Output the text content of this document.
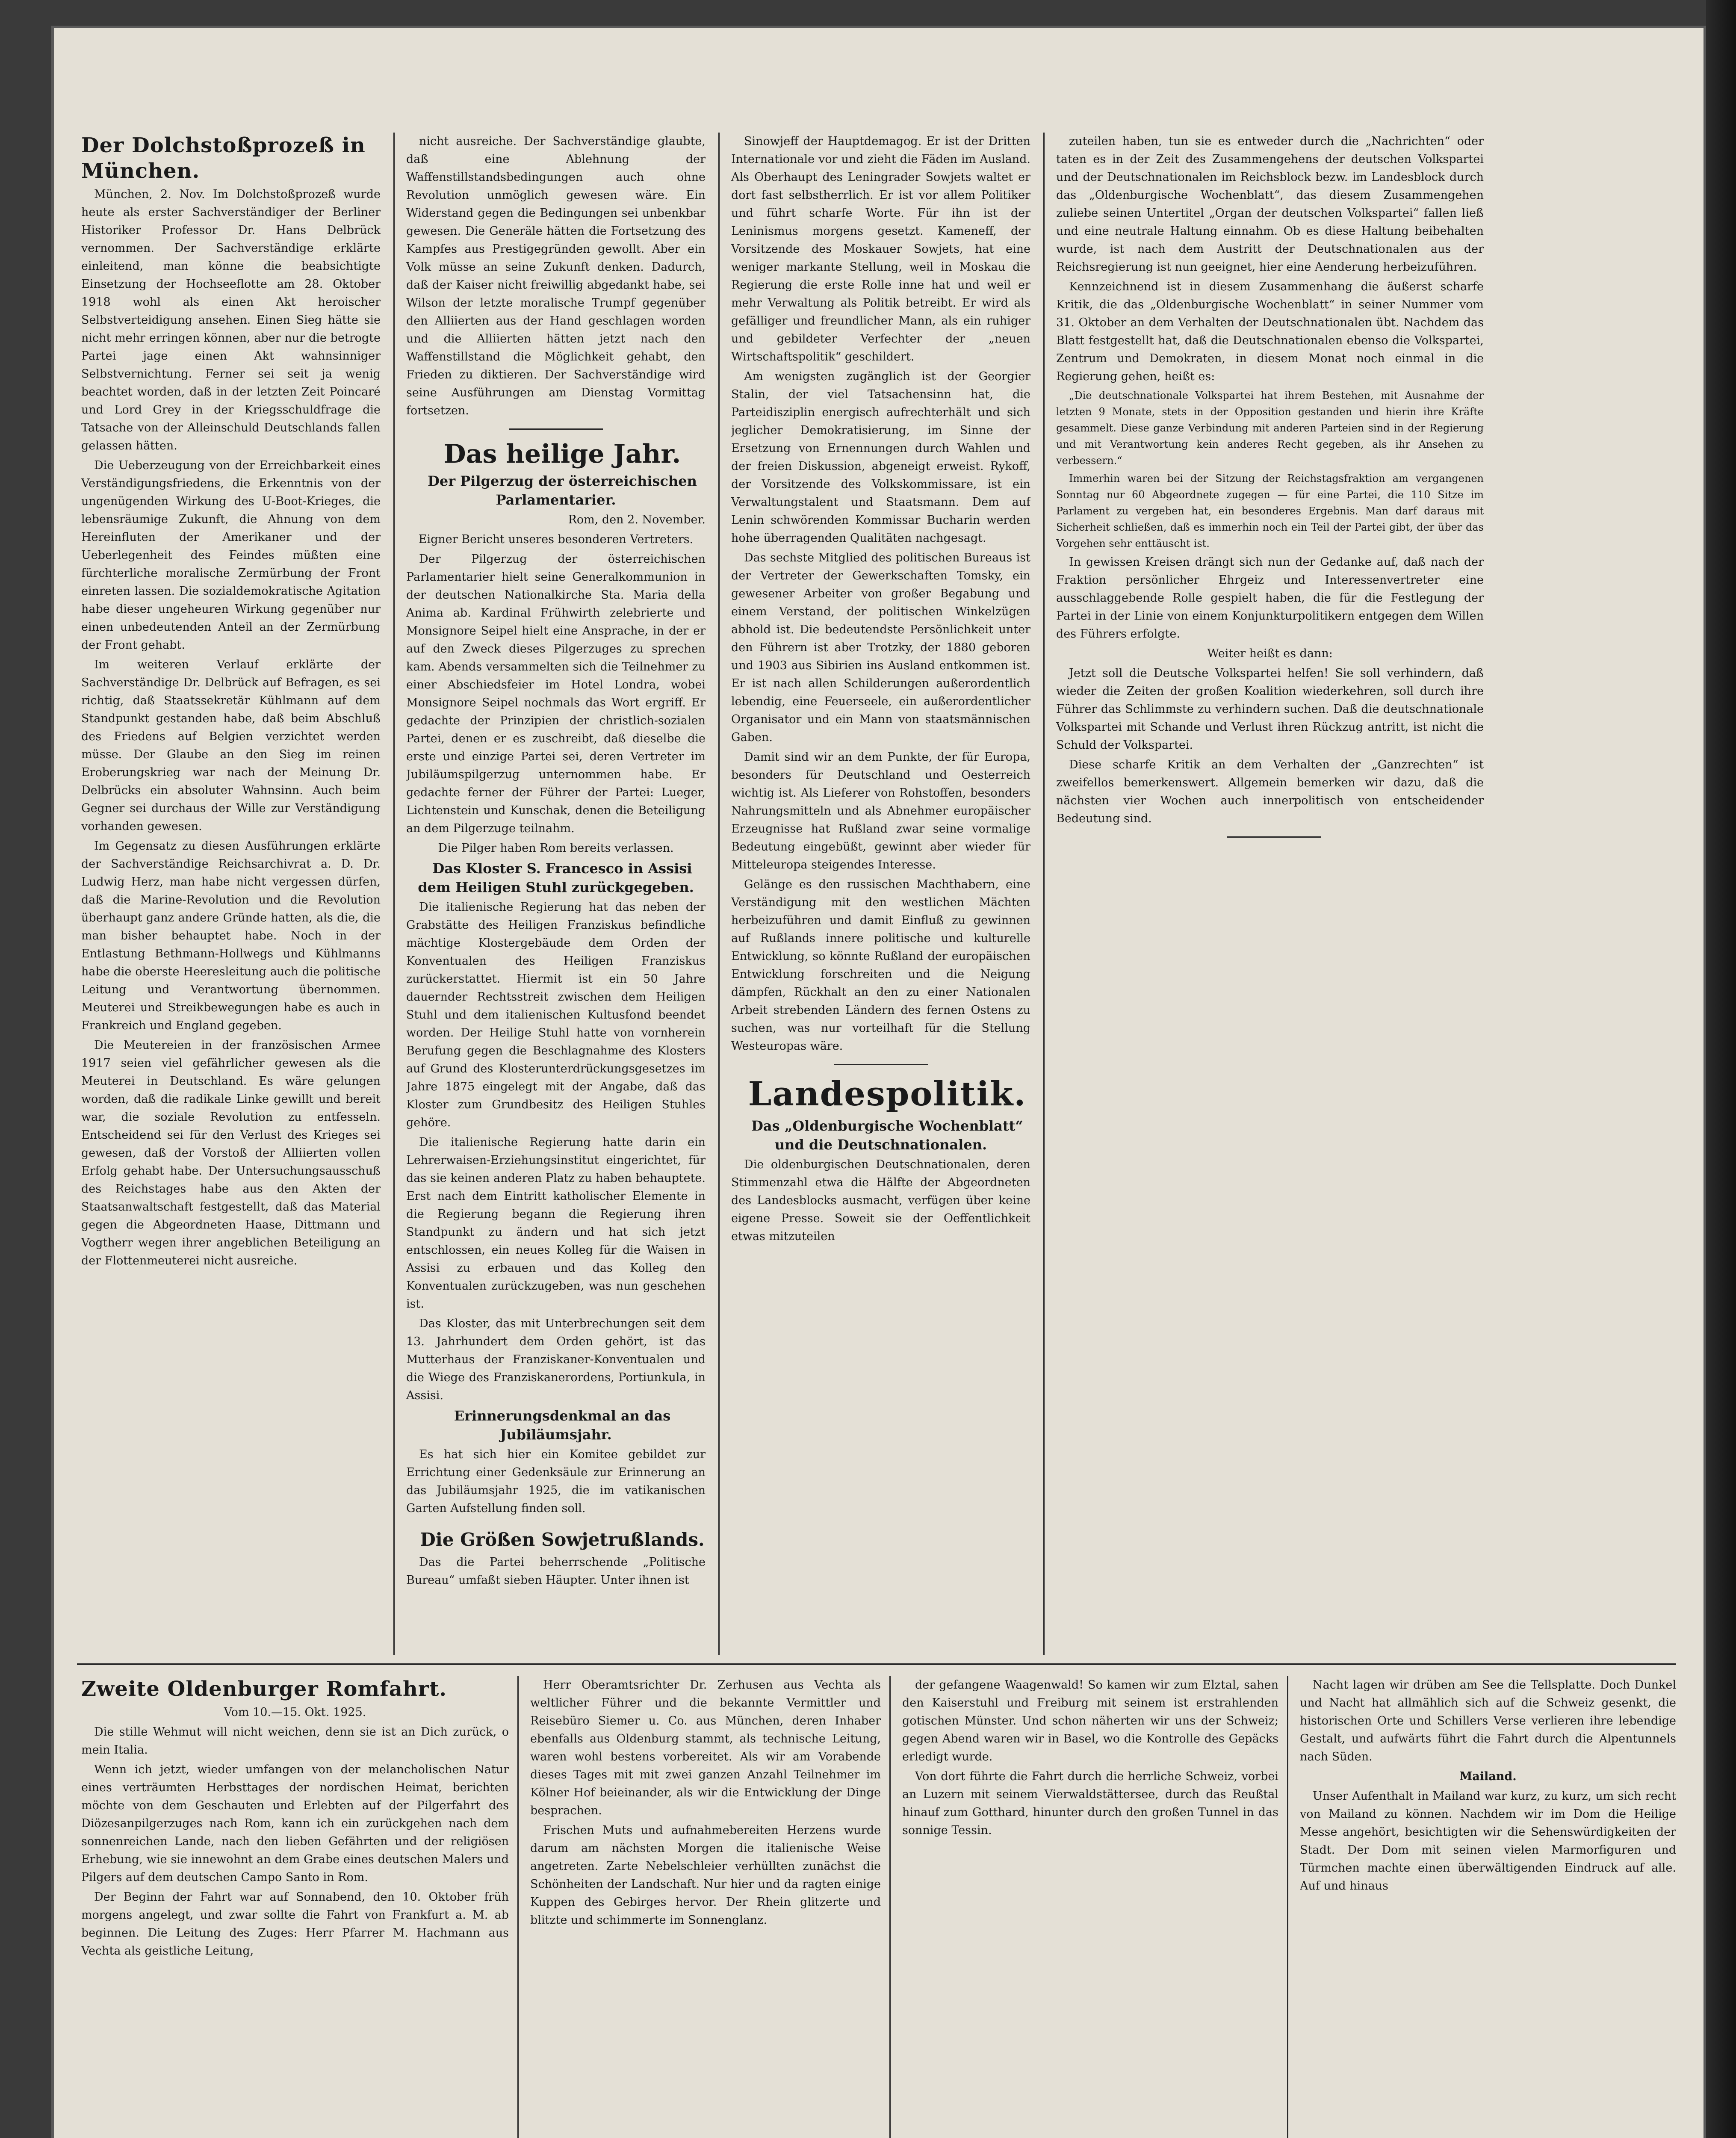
Der Dolchstoßprozeß in München.

München, 2. Nov. Im Dolchstoßprozeß wurde heute als erster Sachverständiger der Berliner Historiker Professor Dr. Hans Delbrück vernommen. Der Sachverständige erklärte einleitend, man könne die beabsichtigte Einsetzung der Hochseeflotte am 28. Oktober 1918 wohl als einen Akt heroischer Selbstverteidigung ansehen. Einen Sieg hätte sie nicht mehr erringen können, aber nur die betrogte Partei jage einen Akt wahnsinniger Selbstvernichtung. Ferner sei seit ja wenig beachtet worden, daß in der letzten Zeit Poincaré und Lord Grey in der Kriegsschuldfrage die Tatsache von der Alleinschuld Deutschlands fallen gelassen hätten.

Die Ueberzeugung von der Erreichbarkeit eines Verständigungsfriedens, die Erkenntnis von der ungenügenden Wirkung des U-Boot-Krieges, die lebensräumige Zukunft, die Ahnung von dem Hereinfluten der Amerikaner und der Ueberlegenheit des Feindes müßten eine fürchterliche moralische Zermürbung der Front einreten lassen. Die sozialdemokratische Agitation habe dieser ungeheuren Wirkung gegenüber nur einen unbedeutenden Anteil an der Zermürbung der Front gehabt.

Im weiteren Verlauf erklärte der Sachverständige Dr. Delbrück auf Befragen, es sei richtig, daß Staatssekretär Kühlmann auf dem Standpunkt gestanden habe, daß beim Abschluß des Friedens auf Belgien verzichtet werden müsse. Der Glaube an den Sieg im reinen Eroberungskrieg war nach der Meinung Dr. Delbrücks ein absoluter Wahnsinn. Auch beim Gegner sei durchaus der Wille zur Verständigung vorhanden gewesen.

Im Gegensatz zu diesen Ausführungen erklärte der Sachverständige Reichsarchivrat a. D. Dr. Ludwig Herz, man habe nicht vergessen dürfen, daß die Marine-Revolution und die Revolution überhaupt ganz andere Gründe hatten, als die, die man bisher behauptet habe. Noch in der Entlastung Bethmann-Hollwegs und Kühlmanns habe die oberste Heeresleitung auch die politische Leitung und Verantwortung übernommen. Meuterei und Streikbewegungen habe es auch in Frankreich und England gegeben.

Die Meutereien in der französischen Armee 1917 seien viel gefährlicher gewesen als die Meuterei in Deutschland. Es wäre gelungen worden, daß die radikale Linke gewillt und bereit war, die soziale Revolution zu entfesseln. Entscheidend sei für den Verlust des Krieges sei gewesen, daß der Vorstoß der Alliierten vollen Erfolg gehabt habe. Der Untersuchungsausschuß des Reichstages habe aus den Akten der Staatsanwaltschaft festgestellt, daß das Material gegen die Abgeordneten Haase, Dittmann und Vogtherr wegen ihrer angeblichen Beteiligung an der Flottenmeuterei nicht ausreiche.

nicht ausreiche. Der Sachverständige glaubte, daß eine Ablehnung der Waffenstillstandsbedingungen auch ohne Revolution unmöglich gewesen wäre. Ein Widerstand gegen die Bedingungen sei unbenkbar gewesen. Die Generäle hätten die Fortsetzung des Kampfes aus Prestigegründen gewollt. Aber ein Volk müsse an seine Zukunft denken. Dadurch, daß der Kaiser nicht freiwillig abgedankt habe, sei Wilson der letzte moralische Trumpf gegenüber den Alliierten aus der Hand geschlagen worden und die Alliierten hätten jetzt nach den Waffenstillstand die Möglichkeit gehabt, den Frieden zu diktieren. Der Sachverständige wird seine Ausführungen am Dienstag Vormittag fortsetzen.

Das heilige Jahr.

Der Pilgerzug der österreichischen Parlamentarier.

Rom, den 2. November.

Eigner Bericht unseres besonderen Vertreters.

Der Pilgerzug der österreichischen Parlamentarier hielt seine Generalkommunion in der deutschen Nationalkirche Sta. Maria della Anima ab. Kardinal Frühwirth zelebrierte und Monsignore Seipel hielt eine Ansprache, in der er auf den Zweck dieses Pilgerzuges zu sprechen kam. Abends versammelten sich die Teilnehmer zu einer Abschiedsfeier im Hotel Londra, wobei Monsignore Seipel nochmals das Wort ergriff. Er gedachte der Prinzipien der christlich-sozialen Partei, denen er es zuschreibt, daß dieselbe die erste und einzige Partei sei, deren Vertreter im Jubiläumspilgerzug unternommen habe. Er gedachte ferner der Führer der Partei: Lueger, Lichtenstein und Kunschak, denen die Beteiligung an dem Pilgerzuge teilnahm.

Die Pilger haben Rom bereits verlassen.

Das Kloster S. Francesco in Assisi dem Heiligen Stuhl zurückgegeben.

Die italienische Regierung hat das neben der Grabstätte des Heiligen Franziskus befindliche mächtige Klostergebäude dem Orden der Konventualen des Heiligen Franziskus zurückerstattet. Hiermit ist ein 50 Jahre dauernder Rechtsstreit zwischen dem Heiligen Stuhl und dem italienischen Kultusfond beendet worden. Der Heilige Stuhl hatte von vornherein Berufung gegen die Beschlagnahme des Klosters auf Grund des Klosterunterdrückungsgesetzes im Jahre 1875 eingelegt mit der Angabe, daß das Kloster zum Grundbesitz des Heiligen Stuhles gehöre.

Die italienische Regierung hatte darin ein Lehrerwaisen-Erziehungsinstitut eingerichtet, für das sie keinen anderen Platz zu haben behauptete. Erst nach dem Eintritt katholischer Elemente in die Regierung begann die Regierung ihren Standpunkt zu ändern und hat sich jetzt entschlossen, ein neues Kolleg für die Waisen in Assisi zu erbauen und das Kolleg den Konventualen zurückzugeben, was nun geschehen ist.

Das Kloster, das mit Unterbrechungen seit dem 13. Jahrhundert dem Orden gehört, ist das Mutterhaus der Franziskaner-Konventualen und die Wiege des Franziskanerordens, Portiunkula, in Assisi.

Erinnerungsdenkmal an das Jubiläumsjahr.

Es hat sich hier ein Komitee gebildet zur Errichtung einer Gedenksäule zur Erinnerung an das Jubiläumsjahr 1925, die im vatikanischen Garten Aufstellung finden soll.

Die Größen Sowjetrußlands.

Das die Partei beherrschende „Politische Bureau“ umfaßt sieben Häupter. Unter ihnen ist

Sinowjeff der Hauptdemagog. Er ist der Dritten Internationale vor und zieht die Fäden im Ausland. Als Oberhaupt des Leningrader Sowjets waltet er dort fast selbstherrlich. Er ist vor allem Politiker und führt scharfe Worte. Für ihn ist der Leninismus morgens gesetzt. Kameneff, der Vorsitzende des Moskauer Sowjets, hat eine weniger markante Stellung, weil in Moskau die Regierung die erste Rolle inne hat und weil er mehr Verwaltung als Politik betreibt. Er wird als gefälliger und freundlicher Mann, als ein ruhiger und gebildeter Verfechter der „neuen Wirtschaftspolitik“ geschildert.

Am wenigsten zugänglich ist der Georgier Stalin, der viel Tatsachensinn hat, die Parteidisziplin energisch aufrechterhält und sich jeglicher Demokratisierung, im Sinne der Ersetzung von Ernennungen durch Wahlen und der freien Diskussion, abgeneigt erweist. Rykoff, der Vorsitzende des Volkskommissare, ist ein Verwaltungstalent und Staatsmann. Dem auf Lenin schwörenden Kommissar Bucharin werden hohe überragenden Qualitäten nachgesagt.

Das sechste Mitglied des politischen Bureaus ist der Vertreter der Gewerkschaften Tomsky, ein gewesener Arbeiter von großer Begabung und einem Verstand, der politischen Winkelzügen abhold ist. Die bedeutendste Persönlichkeit unter den Führern ist aber Trotzky, der 1880 geboren und 1903 aus Sibirien ins Ausland entkommen ist. Er ist nach allen Schilderungen außerordentlich lebendig, eine Feuerseele, ein außerordentlicher Organisator und ein Mann von staatsmännischen Gaben.

Damit sind wir an dem Punkte, der für Europa, besonders für Deutschland und Oesterreich wichtig ist. Als Lieferer von Rohstoffen, besonders Nahrungsmitteln und als Abnehmer europäischer Erzeugnisse hat Rußland zwar seine vormalige Bedeutung eingebüßt, gewinnt aber wieder für Mitteleuropa steigendes Interesse.

Gelänge es den russischen Machthabern, eine Verständigung mit den westlichen Mächten herbeizuführen und damit Einfluß zu gewinnen auf Rußlands innere politische und kulturelle Entwicklung, so könnte Rußland der europäischen Entwicklung forschreiten und die Neigung dämpfen, Rückhalt an den zu einer Nationalen Arbeit strebenden Ländern des fernen Ostens zu suchen, was nur vorteilhaft für die Stellung Westeuropas wäre.

Landespolitik.

Das „Oldenburgische Wochenblatt“ und die Deutschnationalen.

Die oldenburgischen Deutschnationalen, deren Stimmenzahl etwa die Hälfte der Abgeordneten des Landesblocks ausmacht, verfügen über keine eigene Presse. Soweit sie der Oeffentlichkeit etwas mitzuteilen

zuteilen haben, tun sie es entweder durch die „Nachrichten“ oder taten es in der Zeit des Zusammengehens der deutschen Volkspartei und der Deutschnationalen im Reichsblock bezw. im Landesblock durch das „Oldenburgische Wochenblatt“, das diesem Zusammengehen zuliebe seinen Untertitel „Organ der deutschen Volkspartei“ fallen ließ und eine neutrale Haltung einnahm. Ob es diese Haltung beibehalten wurde, ist nach dem Austritt der Deutschnationalen aus der Reichsregierung ist nun geeignet, hier eine Aenderung herbeizuführen.

Kennzeichnend ist in diesem Zusammenhang die äußerst scharfe Kritik, die das „Oldenburgische Wochenblatt“ in seiner Nummer vom 31. Oktober an dem Verhalten der Deutschnationalen übt. Nachdem das Blatt festgestellt hat, daß die Deutschnationalen ebenso die Volkspartei, Zentrum und Demokraten, in diesem Monat noch einmal in die Regierung gehen, heißt es:

„Die deutschnationale Volkspartei hat ihrem Bestehen, mit Ausnahme der letzten 9 Monate, stets in der Opposition gestanden und hierin ihre Kräfte gesammelt. Diese ganze Verbindung mit anderen Parteien sind in der Regierung und mit Verantwortung kein anderes Recht gegeben, als ihr Ansehen zu verbessern.“

Immerhin waren bei der Sitzung der Reichstagsfraktion am vergangenen Sonntag nur 60 Abgeordnete zugegen — für eine Partei, die 110 Sitze im Parlament zu vergeben hat, ein besonderes Ergebnis. Man darf daraus mit Sicherheit schließen, daß es immerhin noch ein Teil der Partei gibt, der über das Vorgehen sehr enttäuscht ist.

In gewissen Kreisen drängt sich nun der Gedanke auf, daß nach der Fraktion persönlicher Ehrgeiz und Interessenvertreter eine ausschlaggebende Rolle gespielt haben, die für die Festlegung der Partei in der Linie von einem Konjunkturpolitikern entgegen dem Willen des Führers erfolgte.

Weiter heißt es dann:

Jetzt soll die Deutsche Volkspartei helfen! Sie soll verhindern, daß wieder die Zeiten der großen Koalition wiederkehren, soll durch ihre Führer das Schlimmste zu verhindern suchen. Daß die deutschnationale Volkspartei mit Schande und Verlust ihren Rückzug antritt, ist nicht die Schuld der Volkspartei.

Diese scharfe Kritik an dem Verhalten der „Ganzrechten“ ist zweifellos bemerkenswert. Allgemein bemerken wir dazu, daß die nächsten vier Wochen auch innerpolitisch von entscheidender Bedeutung sind.

Zweite Oldenburger Romfahrt.

Vom 10.—15. Okt. 1925.

Die stille Wehmut will nicht weichen, denn sie ist an Dich zurück, o mein Italia.

Wenn ich jetzt, wieder umfangen von der melancholischen Natur eines verträumten Herbsttages der nordischen Heimat, berichten möchte von dem Geschauten und Erlebten auf der Pilgerfahrt des Diözesanpilgerzuges nach Rom, kann ich ein zurückgehen nach dem sonnenreichen Lande, nach den lieben Gefährten und der religiösen Erhebung, wie sie innewohnt an dem Grabe eines deutschen Malers und Pilgers auf dem deutschen Campo Santo in Rom.

Der Beginn der Fahrt war auf Sonnabend, den 10. Oktober früh morgens angelegt, und zwar sollte die Fahrt von Frankfurt a. M. ab beginnen. Die Leitung des Zuges: Herr Pfarrer M. Hachmann aus Vechta als geistliche Leitung,

Herr Oberamtsrichter Dr. Zerhusen aus Vechta als weltlicher Führer und die bekannte Vermittler und Reisebüro Siemer u. Co. aus München, deren Inhaber ebenfalls aus Oldenburg stammt, als technische Leitung, waren wohl bestens vorbereitet. Als wir am Vorabende dieses Tages mit mit zwei ganzen Anzahl Teilnehmer im Kölner Hof beieinander, als wir die Entwicklung der Dinge besprachen.

Frischen Muts und aufnahmebereiten Herzens wurde darum am nächsten Morgen die italienische Weise angetreten. Zarte Nebelschleier verhüllten zunächst die Schönheiten der Landschaft. Nur hier und da ragten einige Kuppen des Gebirges hervor. Der Rhein glitzerte und blitzte und schimmerte im Sonnenglanz.

der gefangene Waagenwald! So kamen wir zum Elztal, sahen den Kaiserstuhl und Freiburg mit seinem ist erstrahlenden gotischen Münster. Und schon näherten wir uns der Schweiz; gegen Abend waren wir in Basel, wo die Kontrolle des Gepäcks erledigt wurde.

Von dort führte die Fahrt durch die herrliche Schweiz, vorbei an Luzern mit seinem Vierwaldstättersee, durch das Reußtal hinauf zum Gotthard, hinunter durch den großen Tunnel in das sonnige Tessin.

Nacht lagen wir drüben am See die Tellsplatte. Doch Dunkel und Nacht hat allmählich sich auf die Schweiz gesenkt, die historischen Orte und Schillers Verse verlieren ihre lebendige Gestalt, und aufwärts führt die Fahrt durch die Alpentunnels nach Süden.

Mailand.

Unser Aufenthalt in Mailand war kurz, zu kurz, um sich recht von Mailand zu können. Nachdem wir im Dom die Heilige Messe angehört, besichtigten wir die Sehenswürdigkeiten der Stadt. Der Dom mit seinen vielen Marmorfiguren und Türmchen machte einen überwältigenden Eindruck auf alle. Auf und hinaus
